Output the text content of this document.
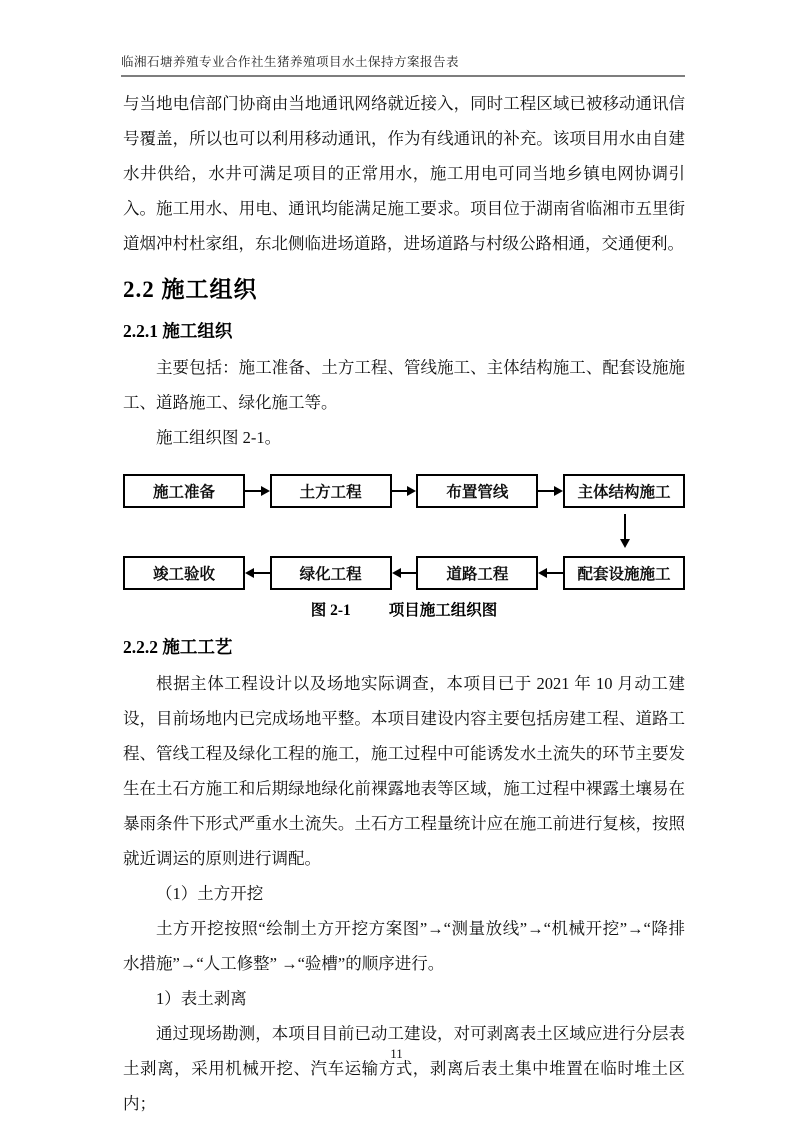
临湘石塘养殖专业合作社生猪养殖项目水土保持方案报告表

与当地电信部门协商由当地通讯网络就近接入，同时工程区域已被移动通讯信号覆盖，所以也可以利用移动通讯，作为有线通讯的补充。该项目用水由自建水井供给，水井可满足项目的正常用水，施工用电可同当地乡镇电网协调引入。施工用水、用电、通讯均能满足施工要求。项目位于湖南省临湘市五里街道烟冲村杜家组，东北侧临进场道路，进场道路与村级公路相通，交通便利。

2.2 施工组织
2.2.1 施工组织

主要包括：施工准备、土方工程、管线施工、主体结构施工、配套设施施工、道路施工、绿化施工等。

施工组织图 2-1。

施工准备	土方工程	布置管线	主体结构施工
竣工验收	绿化工程	道路工程	配套设施施工
图 2-1 项目施工组织图
2.2.2 施工工艺

根据主体工程设计以及场地实际调查，本项目已于 2021 年 10 月动工建设，目前场地内已完成场地平整。本项目建设内容主要包括房建工程、道路工程、管线工程及绿化工程的施工，施工过程中可能诱发水土流失的环节主要发生在土石方施工和后期绿地绿化前裸露地表等区域，施工过程中裸露土壤易在暴雨条件下形式严重水土流失。土石方工程量统计应在施工前进行复核，按照就近调运的原则进行调配。

（1）土方开挖

土方开挖按照“绘制土方开挖方案图”→“测量放线”→“机械开挖”→“降排水措施”→“人工修整” →“验槽”的顺序进行。

1）表土剥离

通过现场勘测，本项目目前已动工建设，对可剥离表土区域应进行分层表土剥离，采用机械开挖、汽车运输方式，剥离后表土集中堆置在临时堆土区内；

11
